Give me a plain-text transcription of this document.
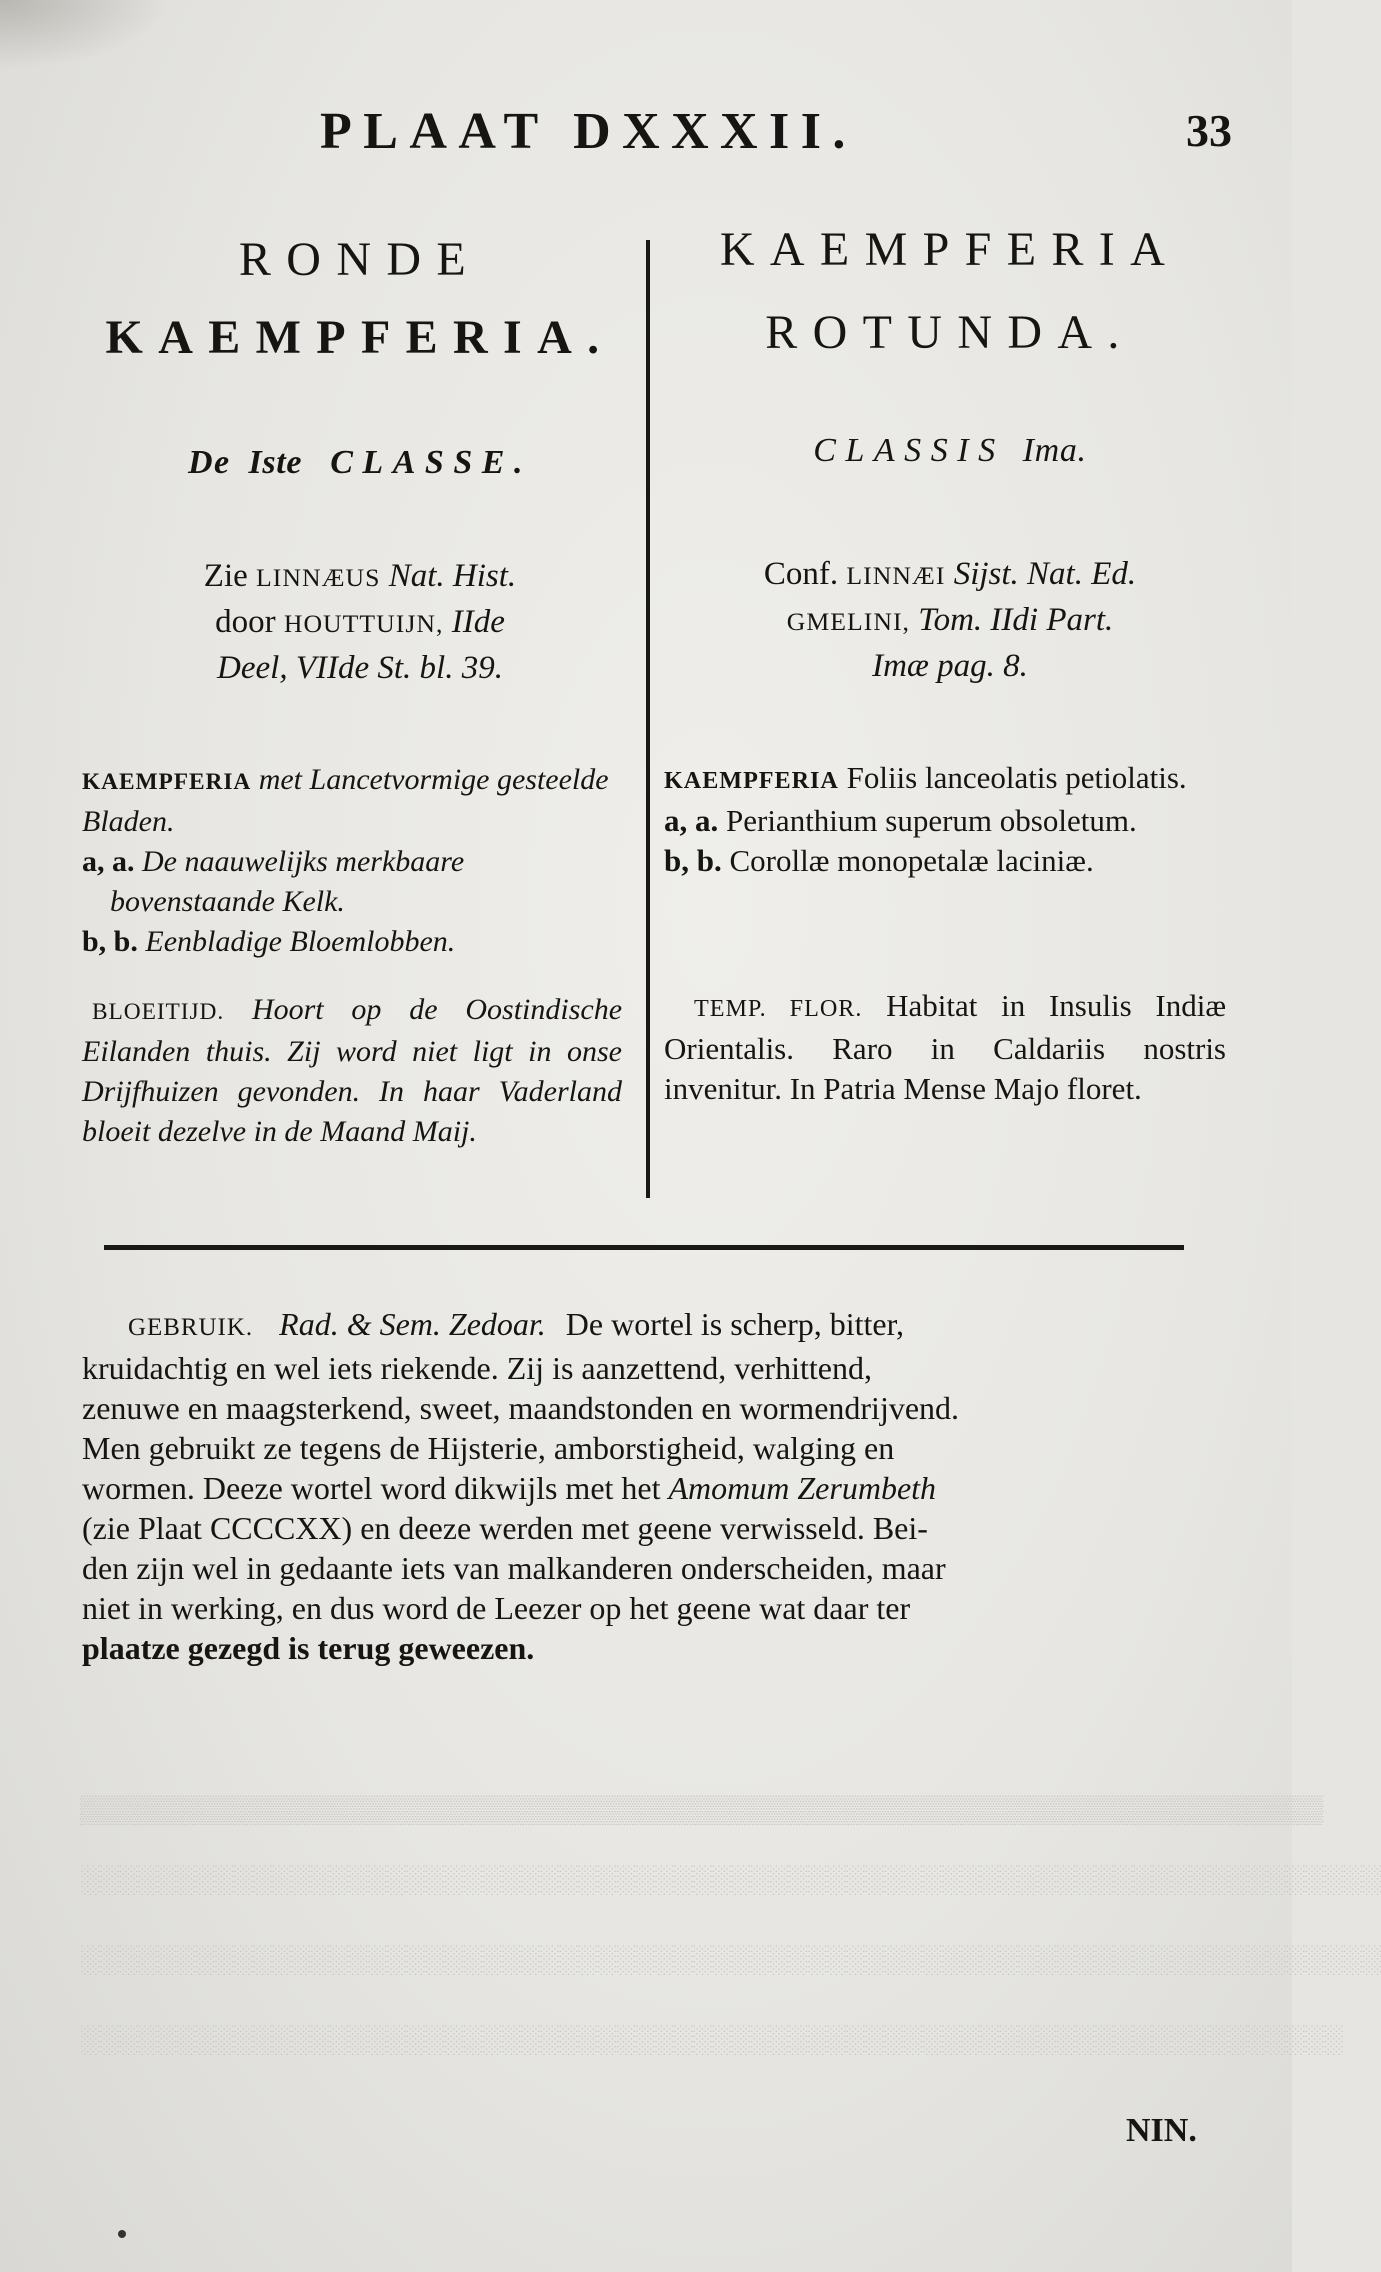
PLAAT DXXXII.	33
RONDE
KAEMPFERIA.
De Iste CLASSE.
Zie LINNÆUS Nat. Hist.
door HOUTTUIJN, IIde
Deel, VIIde St. bl. 39.
KAEMPFERIA met Lancetvormige gesteelde Bladen.
a, a. De naauwelijks merkbaare bovenstaande Kelk.
b, b. Eenbladige Bloemlobben.
BLOEITIJD. Hoort op de Oostindische Eilanden thuis. Zij word niet ligt in onse Drijfhuizen gevonden. In haar Vaderland bloeit dezelve in de Maand Maij.
KAEMPFERIA
ROTUNDA.
CLASSIS Ima.
Conf. LINNÆI Sijst. Nat. Ed.
GMELINI, Tom. IIdi Part.
Imæ pag. 8.
KAEMPFERIA Foliis lanceolatis petiolatis.
a, a. Perianthium superum obsoletum.
b, b. Corollæ monopetalæ laciniæ.
TEMP. FLOR. Habitat in Insulis Indiæ Orientalis. Raro in Caldariis nostris invenitur. In Patria Mense Majo floret.
GEBRUIK. Rad. & Sem. Zedoar. De wortel is scherp, bitter,
kruidachtig en wel iets riekende. Zij is aanzettend, verhittend,
zenuwe en maagsterkend, sweet, maandstonden en wormendrijvend.
Men gebruikt ze tegens de Hijsterie, amborstigheid, walging en
wormen. Deeze wortel word dikwijls met het Amomum Zerumbeth
(zie Plaat CCCCXX) en deeze werden met geene verwisseld. Bei-
den zijn wel in gedaante iets van malkanderen onderscheiden, maar
niet in werking, en dus word de Leezer op het geene wat daar ter
plaatze gezegd is terug geweezen.
▒▒▒▒▒▒▒▒▒▒▒▒▒▒▒▒▒▒▒▒▒▒▒▒▒▒▒▒▒▒▒▒▒▒▒▒▒▒▒▒▒▒▒▒▒▒▒▒▒▒▒▒▒▒▒▒▒▒▒▒▒▒▒▒▒
░░░░░░░░░░░░░░░░░░░░░░░░░░░░░░░░░░░░░░░░░░░░░░░░░░░░░░░░░░░░░░░░░░░░
░░░░░░░░░░░░░░░░░░░░░░░░░░░░░░░░░░░░░░░░░░░░░░░░░░░░░░░░░░░░░░░░░░░░
░░░░░░░░░░░░░░░░░░░░░░░░░░░░░░░░░░░░░░░░░░░░░░░░░░░░░░░░░░░░░░░░░░
NIN.
